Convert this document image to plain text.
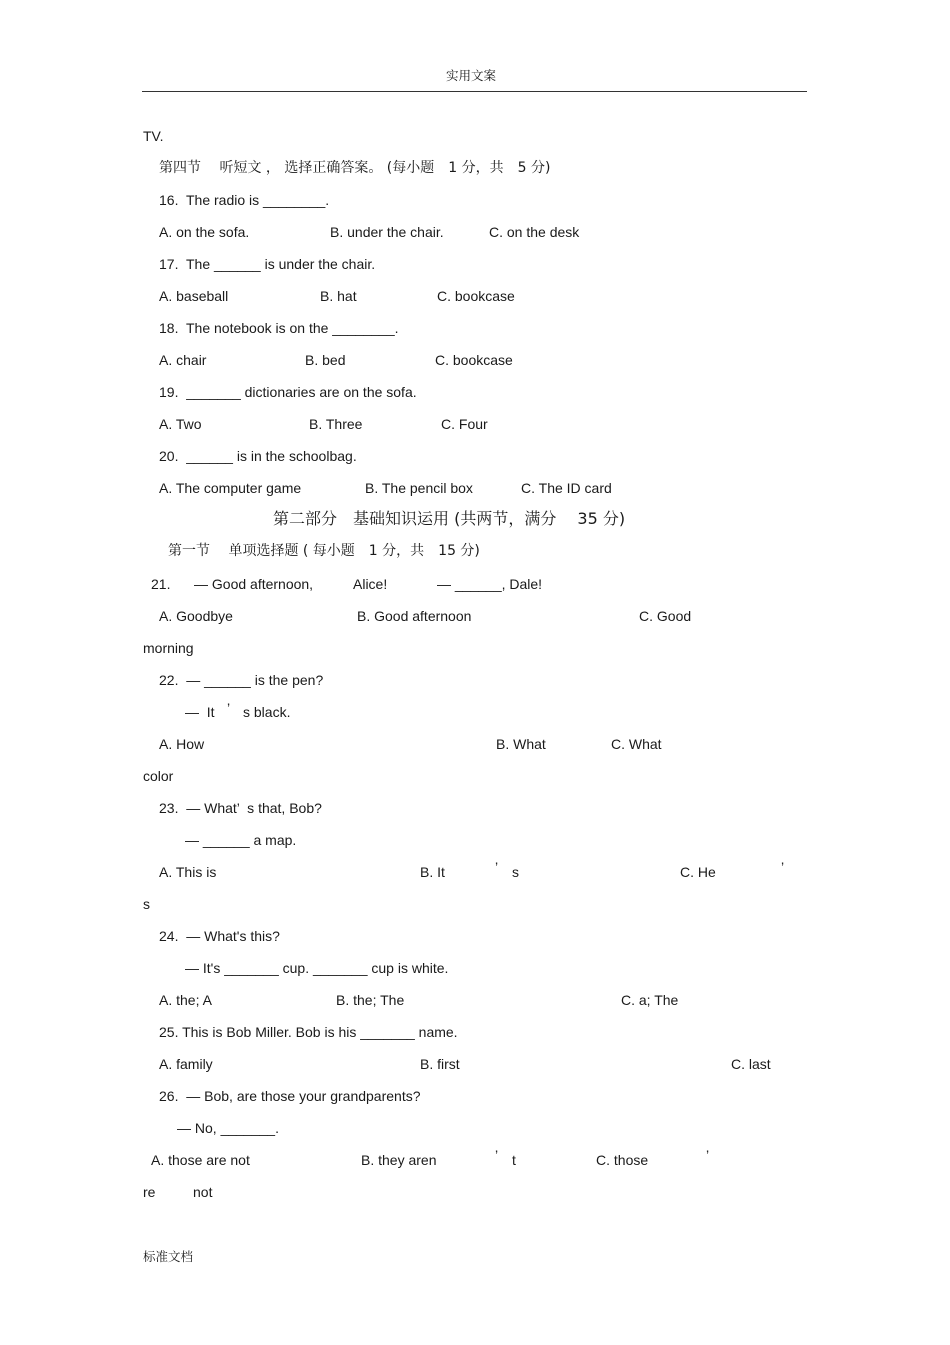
实用文案
TV.
第四节　 听短文 ， 选择正确答案。 (每小题　1 分，共　5 分)
16.  The radio is ________.
A. on the sofa.	B. under the chair.	C. on the desk
17.  The ______ is under the chair.
A. baseball	B. hat	C. bookcase
18.  The notebook is on the ________.
A. chair	B. bed	C. bookcase
19.  _______ dictionaries are on the sofa.
A. Two	B. Three	C. Four
20.  ______ is in the schoolbag.
A. The computer game	B. The pencil box	C. The ID card
第二部分　基础知识运用 (共两节，满分　 35 分)
第一节　 单项选择题 ( 每小题　1 分，共　15 分)
21. — Good afternoon,	Alice!	— ______, Dale!
A. Goodbye	B. Good afternoon	C. Good
morning
22.  — ______ is the pen?
—  It ’ s black.
A. How	B. What	C. What
color
23.  — What’  s that, Bob?
— ______ a map.
A. This is	B. It	’ s	C. He	’
s
24.  — What's this?
— It's _______ cup. _______ cup is white.
A. the; A	B. the; The	C. a; The
25. This is Bob Miller. Bob is his _______ name.
A. family	B. first	C. last
26.  — Bob, are those your grandparents?
— No, _______.
A. those are not	B. they aren	’ t	C. those	’
re	not
标准文档
